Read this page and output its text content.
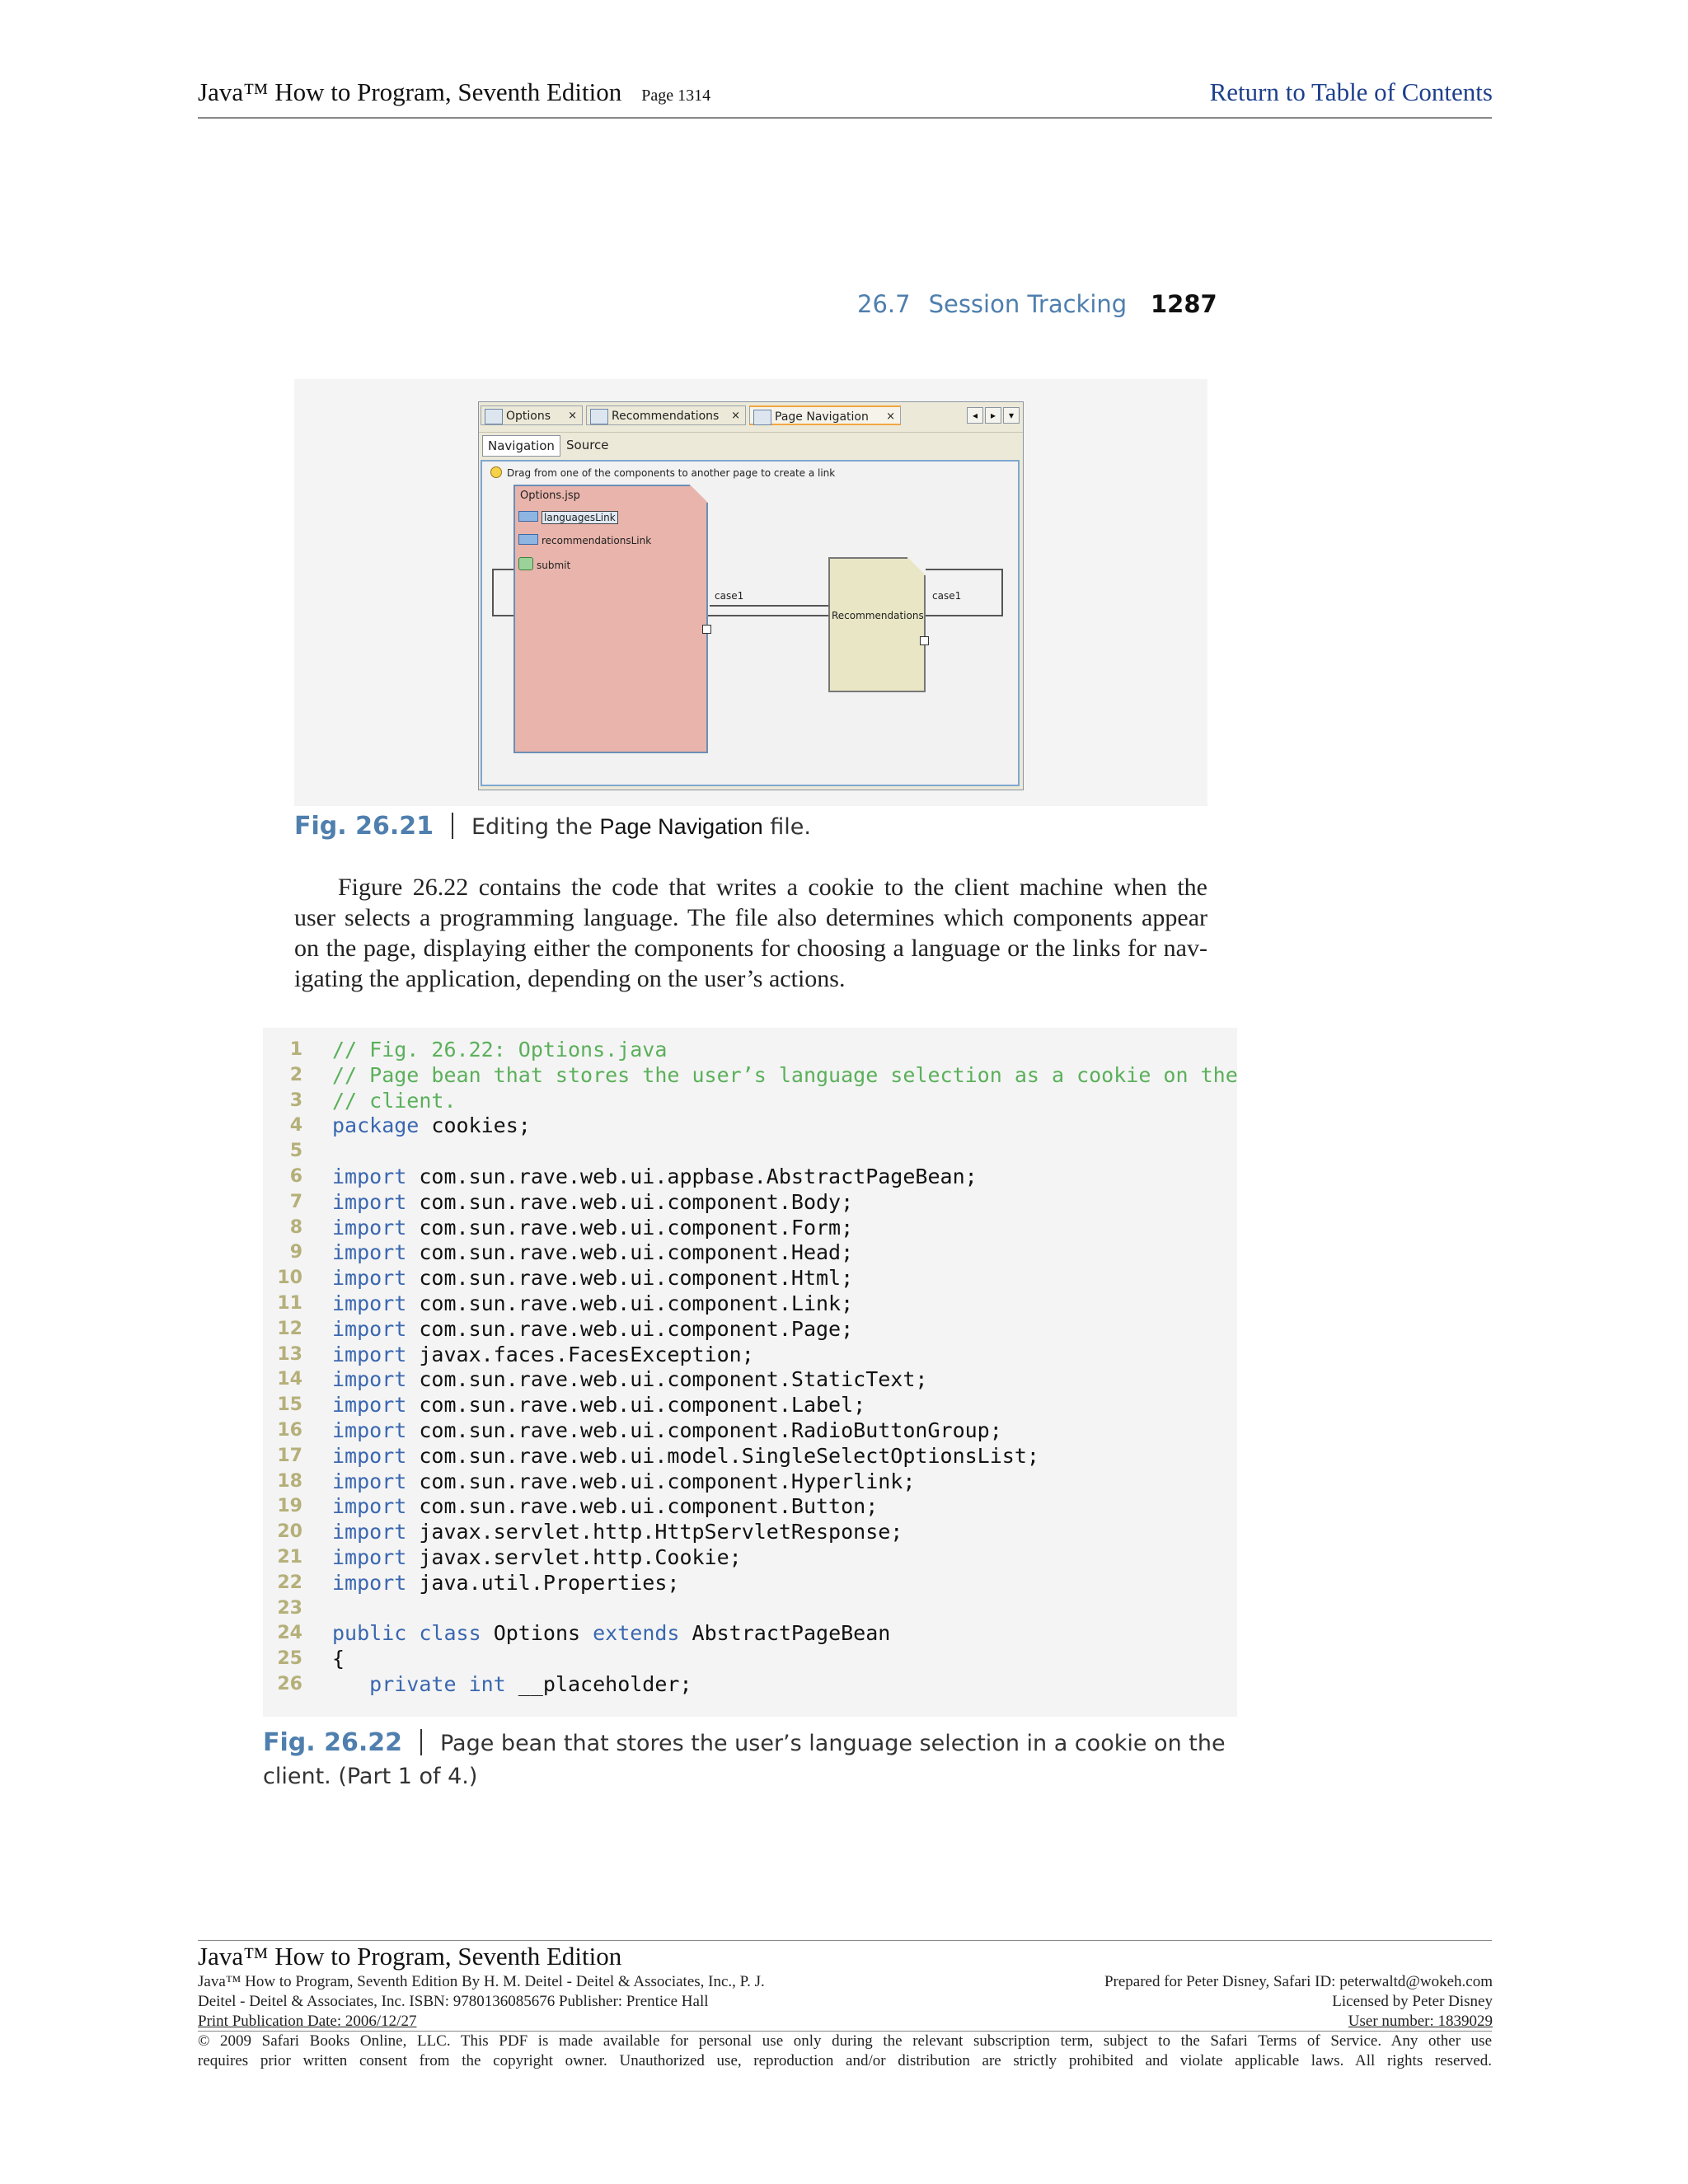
Java™ How to Program, Seventh Edition Page 1314	Return to Table of Contents
26.7 Session Tracking 1287
Options ×	Recommendations ×	Page Navigation ×	◂ ▸ ▾
Navigation Source
Drag from one of the components to another page to create a link
Options.jsp
languagesLink
recommendationsLink
submit
case1
Recommendations
case1
Fig. 26.21 Editing the Page Navigation file.
Figure 26.22 contains the code that writes a cookie to the client machine when the
user selects a programming language. The file also determines which components appear
on the page, displaying either the components for choosing a language or the links for nav-
igating the application, depending on the user’s actions.
1 // Fig. 26.22: Options.java
2 // Page bean that stores the user’s language selection as a cookie on the
3 // client.
4 package cookies;
5
6 import com.sun.rave.web.ui.appbase.AbstractPageBean;
7 import com.sun.rave.web.ui.component.Body;
8 import com.sun.rave.web.ui.component.Form;
9 import com.sun.rave.web.ui.component.Head;
10 import com.sun.rave.web.ui.component.Html;
11 import com.sun.rave.web.ui.component.Link;
12 import com.sun.rave.web.ui.component.Page;
13 import javax.faces.FacesException;
14 import com.sun.rave.web.ui.component.StaticText;
15 import com.sun.rave.web.ui.component.Label;
16 import com.sun.rave.web.ui.component.RadioButtonGroup;
17 import com.sun.rave.web.ui.model.SingleSelectOptionsList;
18 import com.sun.rave.web.ui.component.Hyperlink;
19 import com.sun.rave.web.ui.component.Button;
20 import javax.servlet.http.HttpServletResponse;
21 import javax.servlet.http.Cookie;
22 import java.util.Properties;
23
24 public class Options extends AbstractPageBean
25 {
26	private int __placeholder;
Fig. 26.22 Page bean that stores the user’s language selection in a cookie on the client. (Part 1 of 4.)
Java™ How to Program, Seventh Edition
Java™ How to Program, Seventh Edition By H. M. Deitel - Deitel & Associates, Inc., P. J.
Deitel - Deitel & Associates, Inc. ISBN: 9780136085676 Publisher: Prentice Hall
Print Publication Date: 2006/12/27
Prepared for Peter Disney, Safari ID: peterwaltd@wokeh.com
Licensed by Peter Disney
User number: 1839029
© 2009 Safari Books Online, LLC. This PDF is made available for personal use only during the relevant subscription term, subject to the Safari Terms of Service. Any other use
requires prior written consent from the copyright owner. Unauthorized use, reproduction and/or distribution are strictly prohibited and violate applicable laws. All rights reserved.
